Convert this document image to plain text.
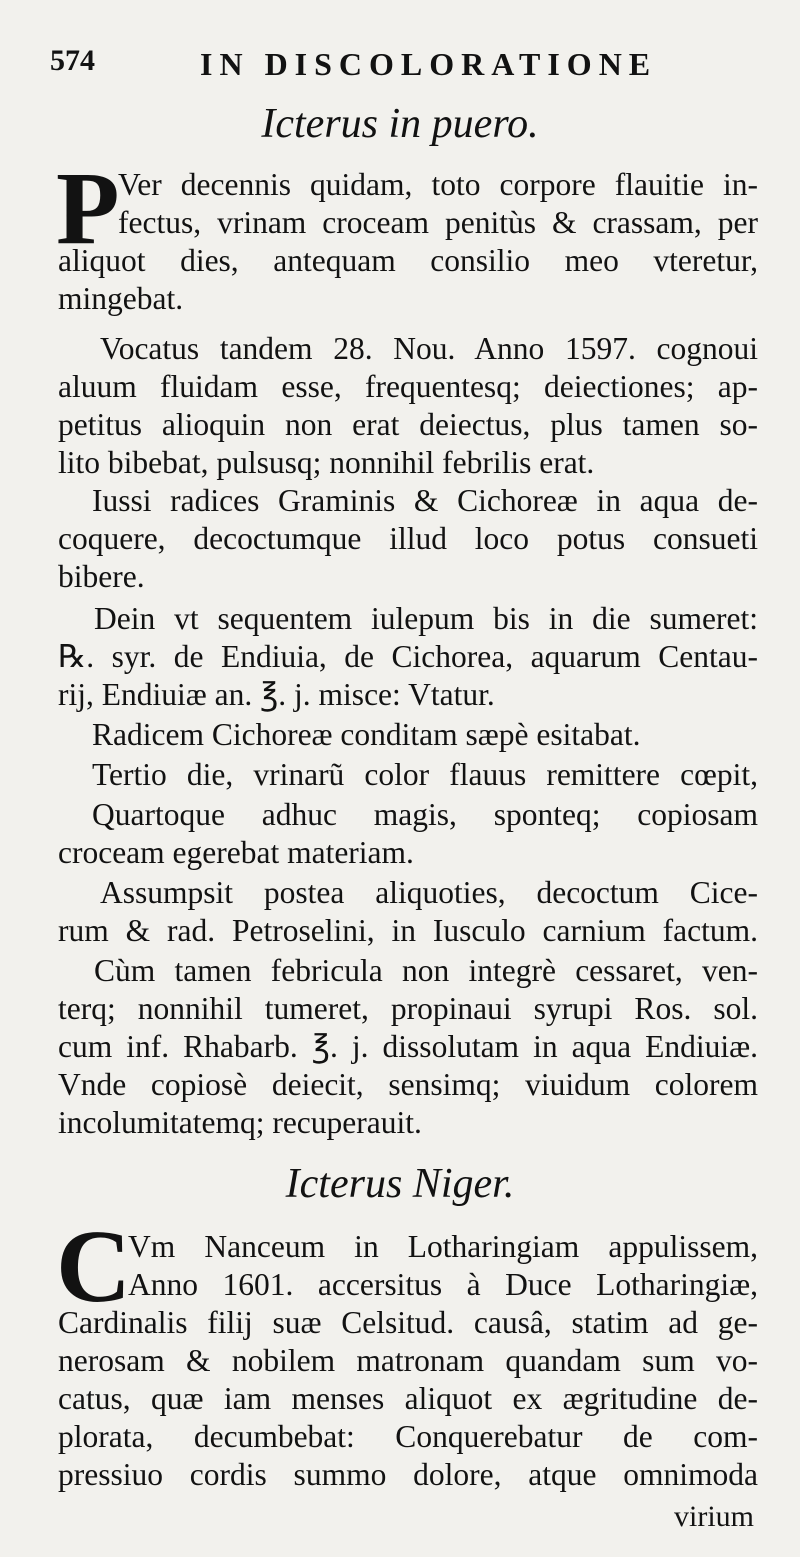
574	IN DISCOLORATIONE
Icterus in puero.
P
Ver decennis quidam, toto corpore flauitie in-
fectus, vrinam croceam penitùs & crassam, per
aliquot dies, antequam consilio meo vteretur,
mingebat.
Vocatus tandem 28. Nou. Anno 1597. cognoui
aluum fluidam esse, frequentesq; deiectiones; ap-
petitus alioquin non erat deiectus, plus tamen so-
lito bibebat, pulsusq; nonnihil febrilis erat.
Iussi radices Graminis & Cichoreæ in aqua de-
coquere, decoctumque illud loco potus consueti
bibere.
Dein vt sequentem iulepum bis in die sumeret:
℞. syr. de Endiuia, de Cichorea, aquarum Centau-
rij, Endiuiæ an. ℥. j. misce: Vtatur.
Radicem Cichoreæ conditam sæpè esitabat.
Tertio die, vrinarũ color flauus remittere cœpit,
Quartoque adhuc magis, sponteq; copiosam
croceam egerebat materiam.
Assumpsit postea aliquoties, decoctum Cice-
rum & rad. Petroselini, in Iusculo carnium factum.
Cùm tamen febricula non integrè cessaret, ven-
terq; nonnihil tumeret, propinaui syrupi Ros. sol.
cum inf. Rhabarb. ℥. j. dissolutam in aqua Endiuiæ.
Vnde copiosè deiecit, sensimq; viuidum colorem
incolumitatemq; recuperauit.
Icterus Niger.
C
Vm Nanceum in Lotharingiam appulissem,
Anno 1601. accersitus à Duce Lotharingiæ,
Cardinalis filij suæ Celsitud. causâ, statim ad ge-
nerosam & nobilem matronam quandam sum vo-
catus, quæ iam menses aliquot ex ægritudine de-
plorata, decumbebat: Conquerebatur de com-
pressiuo cordis summo dolore, atque omnimoda
virium
